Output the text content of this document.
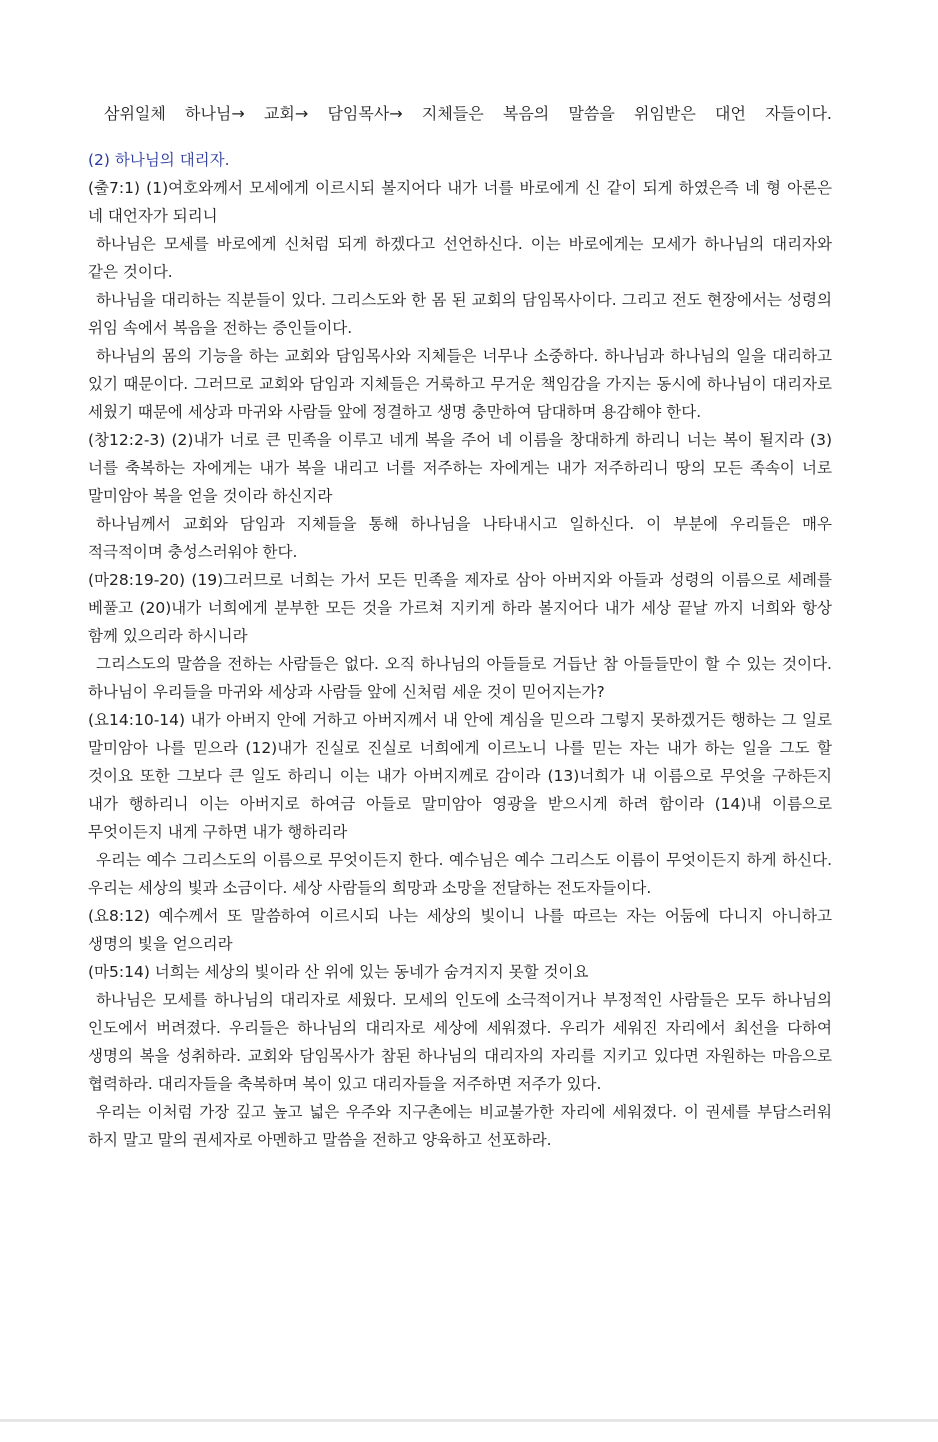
삼위일체 하나님→ 교회→ 담임목사→ 지체들은 복음의 말씀을 위임받은 대언 자들이다.
(2) 하나님의 대리자.
(출7:1) (1)여호와께서 모세에게 이르시되 볼지어다 내가 너를 바로에게 신 같이 되게 하였은즉 네 형 아론은 네 대언자가 되리니
하나님은 모세를 바로에게 신처럼 되게 하겠다고 선언하신다. 이는 바로에게는 모세가 하나님의 대리자와 같은 것이다.
하나님을 대리하는 직분들이 있다. 그리스도와 한 몸 된 교회의 담임목사이다. 그리고 전도 현장에서는 성령의 위임 속에서 복음을 전하는 증인들이다.
하나님의 몸의 기능을 하는 교회와 담임목사와 지체들은 너무나 소중하다. 하나님과 하나님의 일을 대리하고 있기 때문이다. 그러므로 교회와 담임과 지체들은 거룩하고 무거운 책임감을 가지는 동시에 하나님이 대리자로 세웠기 때문에 세상과 마귀와 사람들 앞에 정결하고 생명 충만하여 담대하며 용감해야 한다.
(창12:2-3) (2)내가 너로 큰 민족을 이루고 네게 복을 주어 네 이름을 창대하게 하리니 너는 복이 될지라 (3)너를 축복하는 자에게는 내가 복을 내리고 너를 저주하는 자에게는 내가 저주하리니 땅의 모든 족속이 너로 말미암아 복을 얻을 것이라 하신지라
하나님께서 교회와 담임과 지체들을 통해 하나님을 나타내시고 일하신다. 이 부분에 우리들은 매우 적극적이며 충성스러워야 한다.
(마28:19-20) (19)그러므로 너희는 가서 모든 민족을 제자로 삼아 아버지와 아들과 성령의 이름으로 세례를 베풀고 (20)내가 너희에게 분부한 모든 것을 가르쳐 지키게 하라 볼지어다 내가 세상 끝날 까지 너희와 항상 함께 있으리라 하시니라
그리스도의 말씀을 전하는 사람들은 없다. 오직 하나님의 아들들로 거듭난 참 아들들만이 할 수 있는 것이다. 하나님이 우리들을 마귀와 세상과 사람들 앞에 신처럼 세운 것이 믿어지는가?
(요14:10-14) 내가 아버지 안에 거하고 아버지께서 내 안에 계심을 믿으라 그렇지 못하겠거든 행하는 그 일로 말미암아 나를 믿으라 (12)내가 진실로 진실로 너희에게 이르노니 나를 믿는 자는 내가 하는 일을 그도 할 것이요 또한 그보다 큰 일도 하리니 이는 내가 아버지께로 감이라 (13)너희가 내 이름으로 무엇을 구하든지 내가 행하리니 이는 아버지로 하여금 아들로 말미암아 영광을 받으시게 하려 함이라 (14)내 이름으로 무엇이든지 내게 구하면 내가 행하리라
우리는 예수 그리스도의 이름으로 무엇이든지 한다. 예수님은 예수 그리스도 이름이 무엇이든지 하게 하신다. 우리는 세상의 빛과 소금이다. 세상 사람들의 희망과 소망을 전달하는 전도자들이다.
(요8:12) 예수께서 또 말씀하여 이르시되 나는 세상의 빛이니 나를 따르는 자는 어둠에 다니지 아니하고 생명의 빛을 얻으리라
(마5:14) 너희는 세상의 빛이라 산 위에 있는 동네가 숨겨지지 못할 것이요
하나님은 모세를 하나님의 대리자로 세웠다. 모세의 인도에 소극적이거나 부정적인 사람들은 모두 하나님의 인도에서 버려졌다. 우리들은 하나님의 대리자로 세상에 세워졌다. 우리가 세워진 자리에서 최선을 다하여 생명의 복을 성취하라. 교회와 담임목사가 참된 하나님의 대리자의 자리를 지키고 있다면 자원하는 마음으로 협력하라. 대리자들을 축복하며 복이 있고 대리자들을 저주하면 저주가 있다.
우리는 이처럼 가장 깊고 높고 넓은 우주와 지구촌에는 비교불가한 자리에 세워졌다. 이 권세를 부담스러워 하지 말고 말의 권세자로 아멘하고 말씀을 전하고 양육하고 선포하라.
